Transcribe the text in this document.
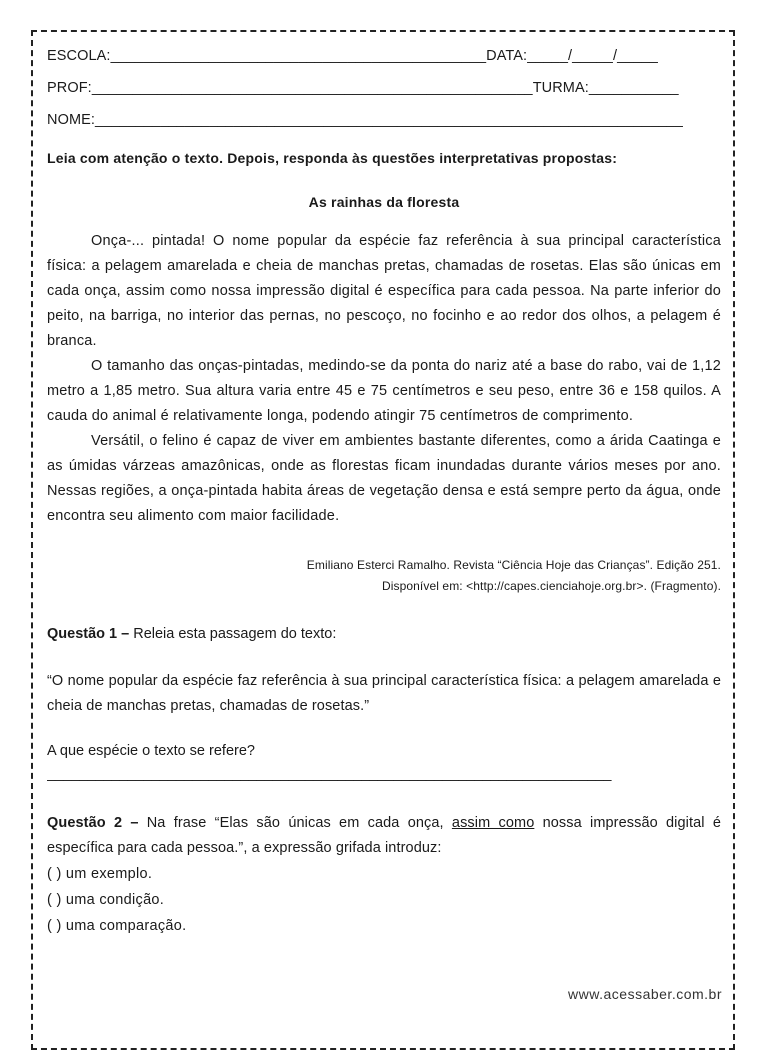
ESCOLA:______________________________________________DATA:_____/_____/_____
PROF:______________________________________________________TURMA:___________
NOME:________________________________________________________________________
Leia com atenção o texto. Depois, responda às questões interpretativas propostas:
As rainhas da floresta

Onça-... pintada! O nome popular da espécie faz referência à sua principal característica física: a pelagem amarelada e cheia de manchas pretas, chamadas de rosetas. Elas são únicas em cada onça, assim como nossa impressão digital é específica para cada pessoa. Na parte inferior do peito, na barriga, no interior das pernas, no pescoço, no focinho e ao redor dos olhos, a pelagem é branca.

O tamanho das onças-pintadas, medindo-se da ponta do nariz até a base do rabo, vai de 1,12 metro a 1,85 metro. Sua altura varia entre 45 e 75 centímetros e seu peso, entre 36 e 158 quilos. A cauda do animal é relativamente longa, podendo atingir 75 centímetros de comprimento.

Versátil, o felino é capaz de viver em ambientes bastante diferentes, como a árida Caatinga e as úmidas várzeas amazônicas, onde as florestas ficam inundadas durante vários meses por ano. Nessas regiões, a onça-pintada habita áreas de vegetação densa e está sempre perto da água, onde encontra seu alimento com maior facilidade.

Emiliano Esterci Ramalho. Revista “Ciência Hoje das Crianças”. Edição 251.
Disponível em: <http://capes.cienciahoje.org.br>. (Fragmento).
Questão 1 – Releia esta passagem do texto:
“O nome popular da espécie faz referência à sua principal característica física: a pelagem amarelada e cheia de manchas pretas, chamadas de rosetas.”
A que espécie o texto se refere?
______________________________________________________________________
Questão 2 – Na frase “Elas são únicas em cada onça, assim como nossa impressão digital é específica para cada pessoa.”, a expressão grifada introduz:
( ) um exemplo.
( ) uma condição.
( ) uma comparação.
www.acessaber.com.br
